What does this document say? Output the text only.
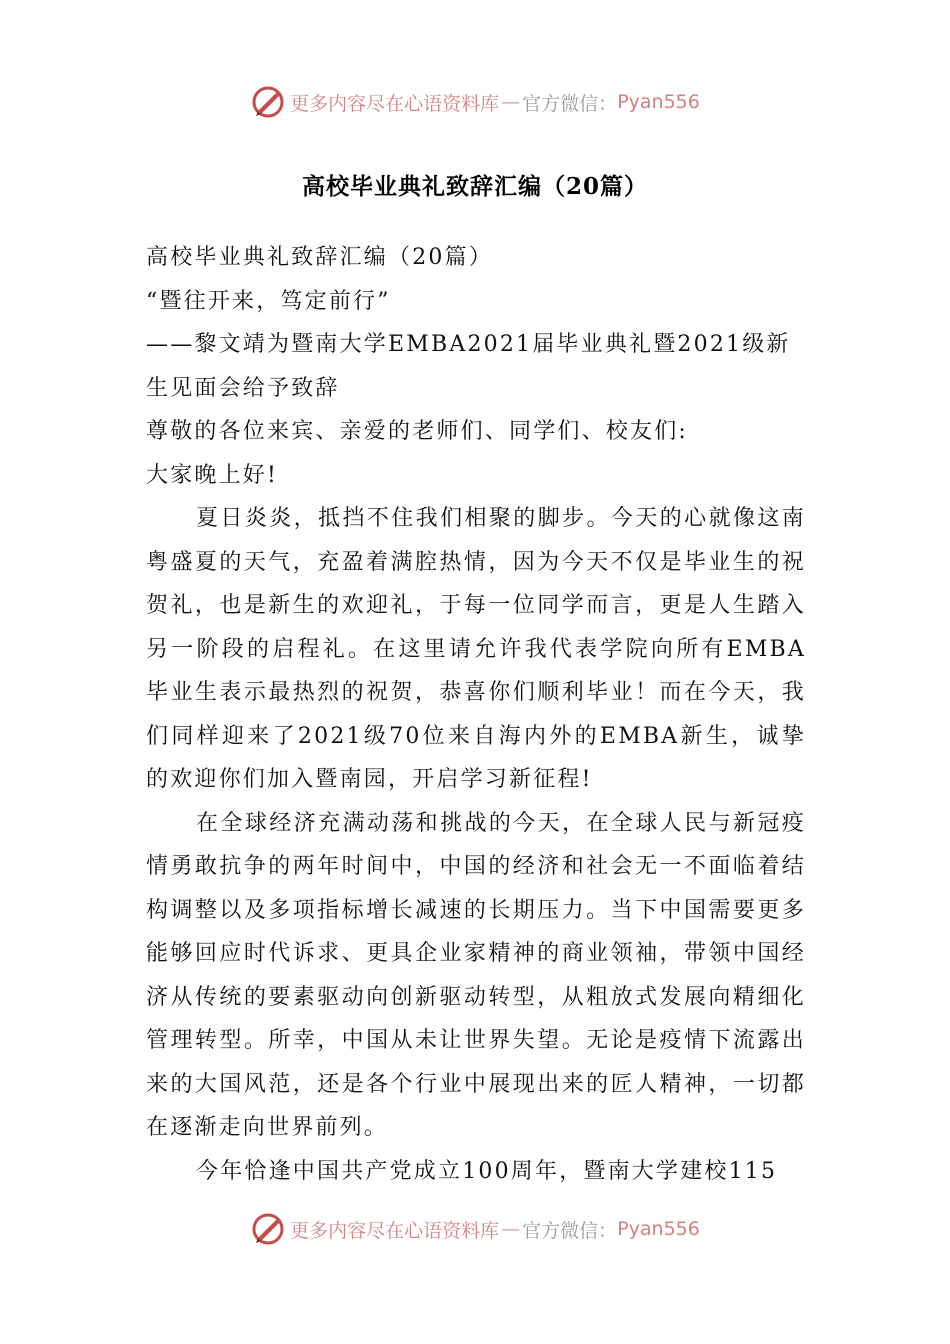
更多内容尽在心语资料库 — 官方微信： Pyan556
高校毕业典礼致辞汇编（20篇）

高校毕业典礼致辞汇编（20篇）

“暨往开来，笃定前行”

——黎文靖为暨南大学EMBA2021届毕业典礼暨2021级新生见面会给予致辞

尊敬的各位来宾、亲爱的老师们、同学们、校友们:

大家晚上好!

夏日炎炎，抵挡不住我们相聚的脚步。今天的心就像这南粤盛夏的天气，充盈着满腔热情，因为今天不仅是毕业生的祝贺礼，也是新生的欢迎礼，于每一位同学而言，更是人生踏入另一阶段的启程礼。在这里请允许我代表学院向所有EMBA毕业生表示最热烈的祝贺，恭喜你们顺利毕业！而在今天，我们同样迎来了2021级70位来自海内外的EMBA新生，诚挚的欢迎你们加入暨南园，开启学习新征程!

在全球经济充满动荡和挑战的今天，在全球人民与新冠疫情勇敢抗争的两年时间中，中国的经济和社会无一不面临着结构调整以及多项指标增长减速的长期压力。当下中国需要更多能够回应时代诉求、更具企业家精神的商业领袖，带领中国经济从传统的要素驱动向创新驱动转型，从粗放式发展向精细化管理转型。所幸，中国从未让世界失望。无论是疫情下流露出来的大国风范，还是各个行业中展现出来的匠人精神，一切都在逐渐走向世界前列。

今年恰逢中国共产党成立100周年，暨南大学建校115

更多内容尽在心语资料库 — 官方微信： Pyan556
